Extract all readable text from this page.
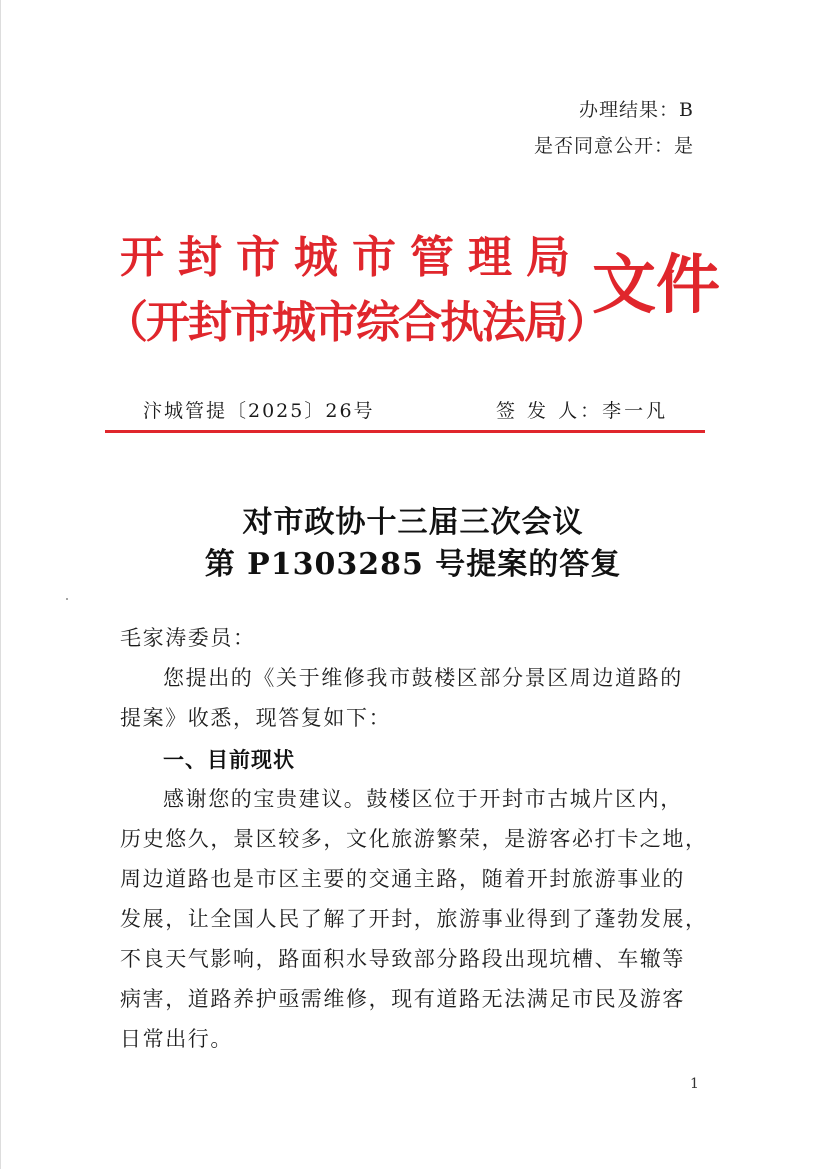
办理结果：B
是否同意公开：是
开封市城市管理局
（开封市城市综合执法局）
文件
汴城管提〔2025〕26号	签 发 人：李一凡
对市政协十三届三次会议
第 P1303285 号提案的答复
毛家涛委员：
您提出的《关于维修我市鼓楼区部分景区周边道路的
提案》收悉，现答复如下：
一、目前现状
感谢您的宝贵建议。鼓楼区位于开封市古城片区内，
历史悠久，景区较多，文化旅游繁荣，是游客必打卡之地，
周边道路也是市区主要的交通主路，随着开封旅游事业的
发展，让全国人民了解了开封，旅游事业得到了蓬勃发展，
不良天气影响，路面积水导致部分路段出现坑槽、车辙等
病害，道路养护亟需维修，现有道路无法满足市民及游客
日常出行。
1
